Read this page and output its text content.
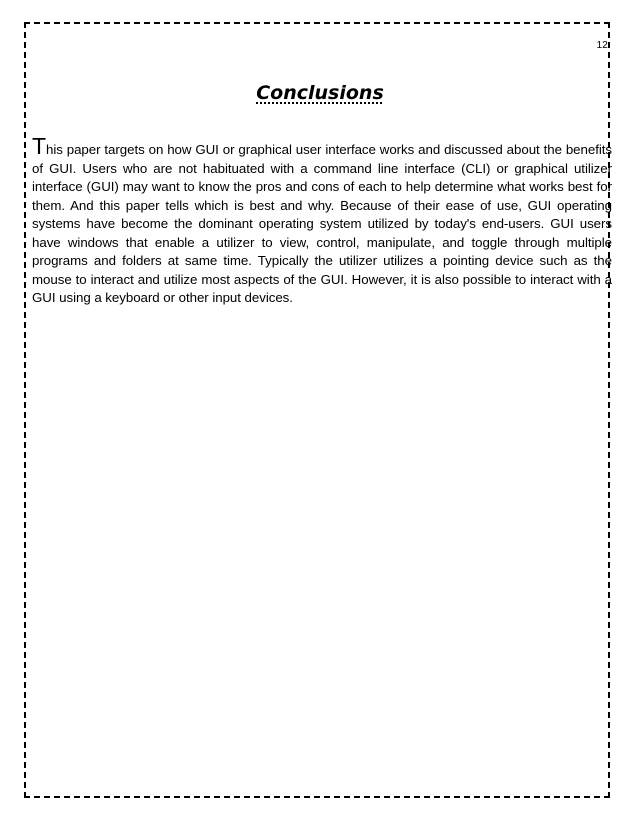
12
Conclusions

This paper targets on how GUI or graphical user interface works and discussed about the benefits of GUI. Users who are not habituated with a command line interface (CLI) or graphical utilizer interface (GUI) may want to know the pros and cons of each to help determine what works best for them. And this paper tells which is best and why. Because of their ease of use, GUI operating systems have become the dominant operating system utilized by today's end-users. GUI users have windows that enable a utilizer to view, control, manipulate, and toggle through multiple programs and folders at same time. Typically the utilizer utilizes a pointing device such as the mouse to interact and utilize most aspects of the GUI. However, it is also possible to interact with a GUI using a keyboard or other input devices.
